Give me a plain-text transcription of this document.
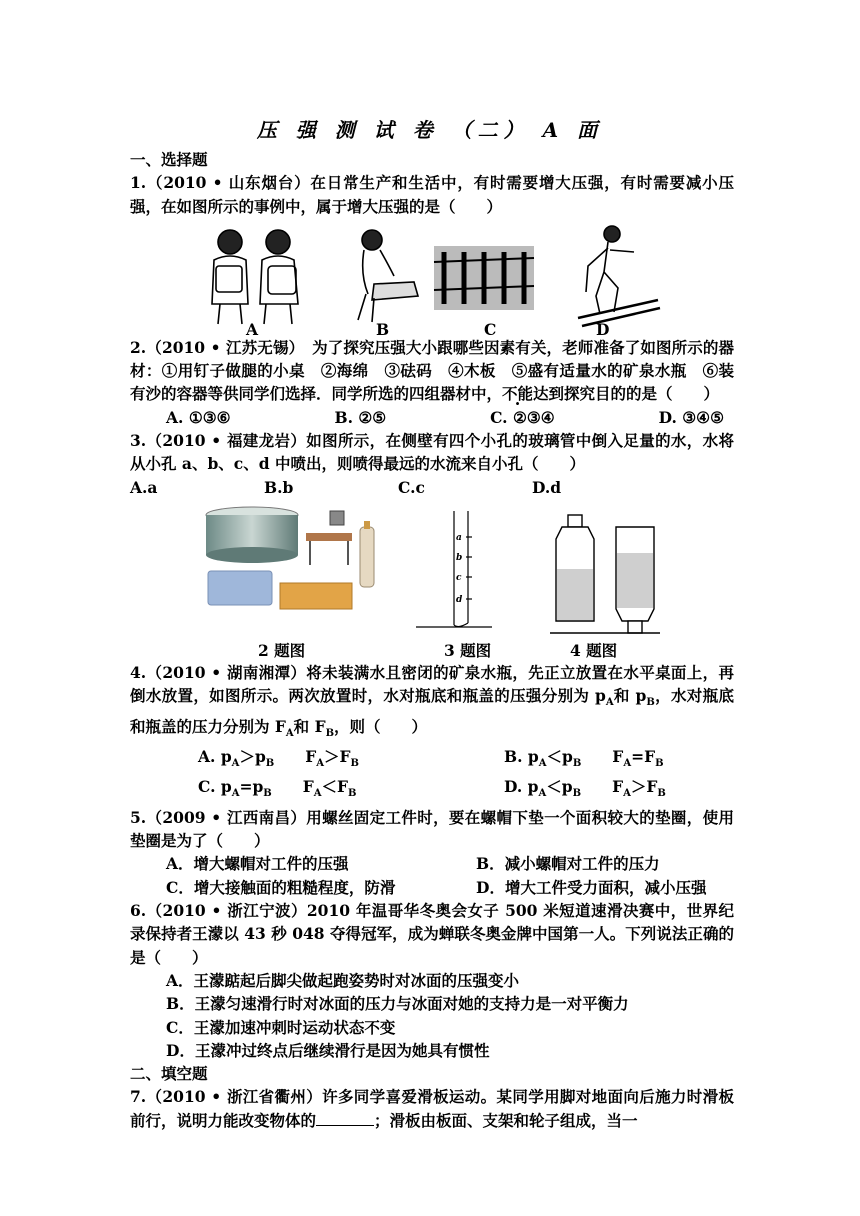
压 强 测 试 卷 （二） A 面

一、选择题

1.（2010 • 山东烟台）在日常生产和生活中，有时需要增大压强，有时需要减小压强，在如图所示的事例中，属于增大压强的是（　　）

A	B	C	D

2.（2010 • 江苏无锡）　为了探究压强大小跟哪些因素有关，老师准备了如图所示的器材：①用钉子做腿的小桌　②海绵　③砝码　④木板　⑤盛有适量水的矿泉水瓶　⑥装有沙的容器等供同学们选择．同学所选的四组器材中，不能达到探究目的的是（　　）

A. ①③⑥	B. ②⑤	C. ②③④	D. ③④⑤

3.（2010 • 福建龙岩）如图所示，在侧壁有四个小孔的玻璃管中倒入足量的水，水将从小孔 a、b、c、d 中喷出，则喷得最远的水流来自小孔（　　）

A.a	B.b	C.c	D.d
a
b
c
d
2 题图	3 题图	4 题图

4.（2010 • 湖南湘潭）将未装满水且密闭的矿泉水瓶，先正立放置在水平桌面上，再倒水放置，如图所示。两次放置时，水对瓶底和瓶盖的压强分别为 $p_A$和 $p_B$，水对瓶底和瓶盖的压力分别为 $F_A$和 $F_B$，则（　　）

A. $p_A>p_B$　　$F_A>F_B$	B. $p_A<p_B$　　$F_A=F_B$
C. $p_A=p_B$　　$F_A<F_B$	D. $p_A<p_B$　　$F_A>F_B$

5.（2009 • 江西南昌）用螺丝固定工件时，要在螺帽下垫一个面积较大的垫圈，使用垫圈是为了（　　）

A．增大螺帽对工件的压强	B．减小螺帽对工件的压力
C．增大接触面的粗糙程度，防滑	D．增大工件受力面积，减小压强

6.（2010 • 浙江宁波）2010 年温哥华冬奥会女子 500 米短道速滑决赛中，世界纪录保持者王濛以 43 秒 048 夺得冠军，成为蝉联冬奥金牌中国第一人。下列说法正确的是（　　）

A．王濛踮起后脚尖做起跑姿势时对冰面的压强变小

B．王濛匀速滑行时对冰面的压力与冰面对她的支持力是一对平衡力

C．王濛加速冲刺时运动状态不变

D．王濛冲过终点后继续滑行是因为她具有惯性

二、填空题

7.（2010 • 浙江省衢州）许多同学喜爱滑板运动。某同学用脚对地面向后施力时滑板前行，说明力能改变物体的	；滑板由板面、支架和轮子组成，当一
